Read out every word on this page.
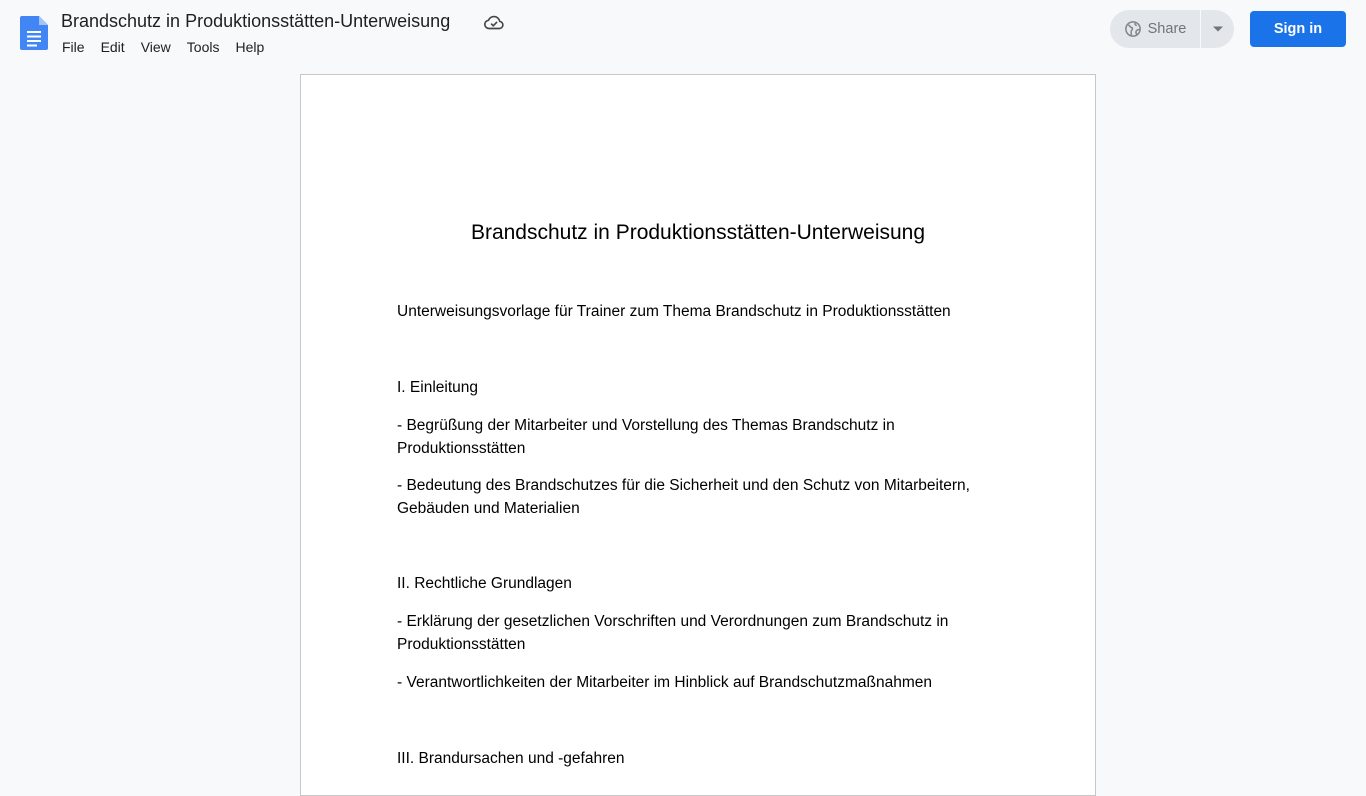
Brandschutz in Produktionsstätten-Unterweisung
File	Edit	View	Tools	Help
Share	Sign in
Brandschutz in Produktionsstätten-Unterweisung
Unterweisungsvorlage für Trainer zum Thema Brandschutz in Produktionsstätten
I. Einleitung
- Begrüßung der Mitarbeiter und Vorstellung des Themas Brandschutz in Produktionsstätten
- Bedeutung des Brandschutzes für die Sicherheit und den Schutz von Mitarbeitern, Gebäuden und Materialien
II. Rechtliche Grundlagen
- Erklärung der gesetzlichen Vorschriften und Verordnungen zum Brandschutz in Produktionsstätten
- Verantwortlichkeiten der Mitarbeiter im Hinblick auf Brandschutzmaßnahmen
III. Brandursachen und -gefahren
